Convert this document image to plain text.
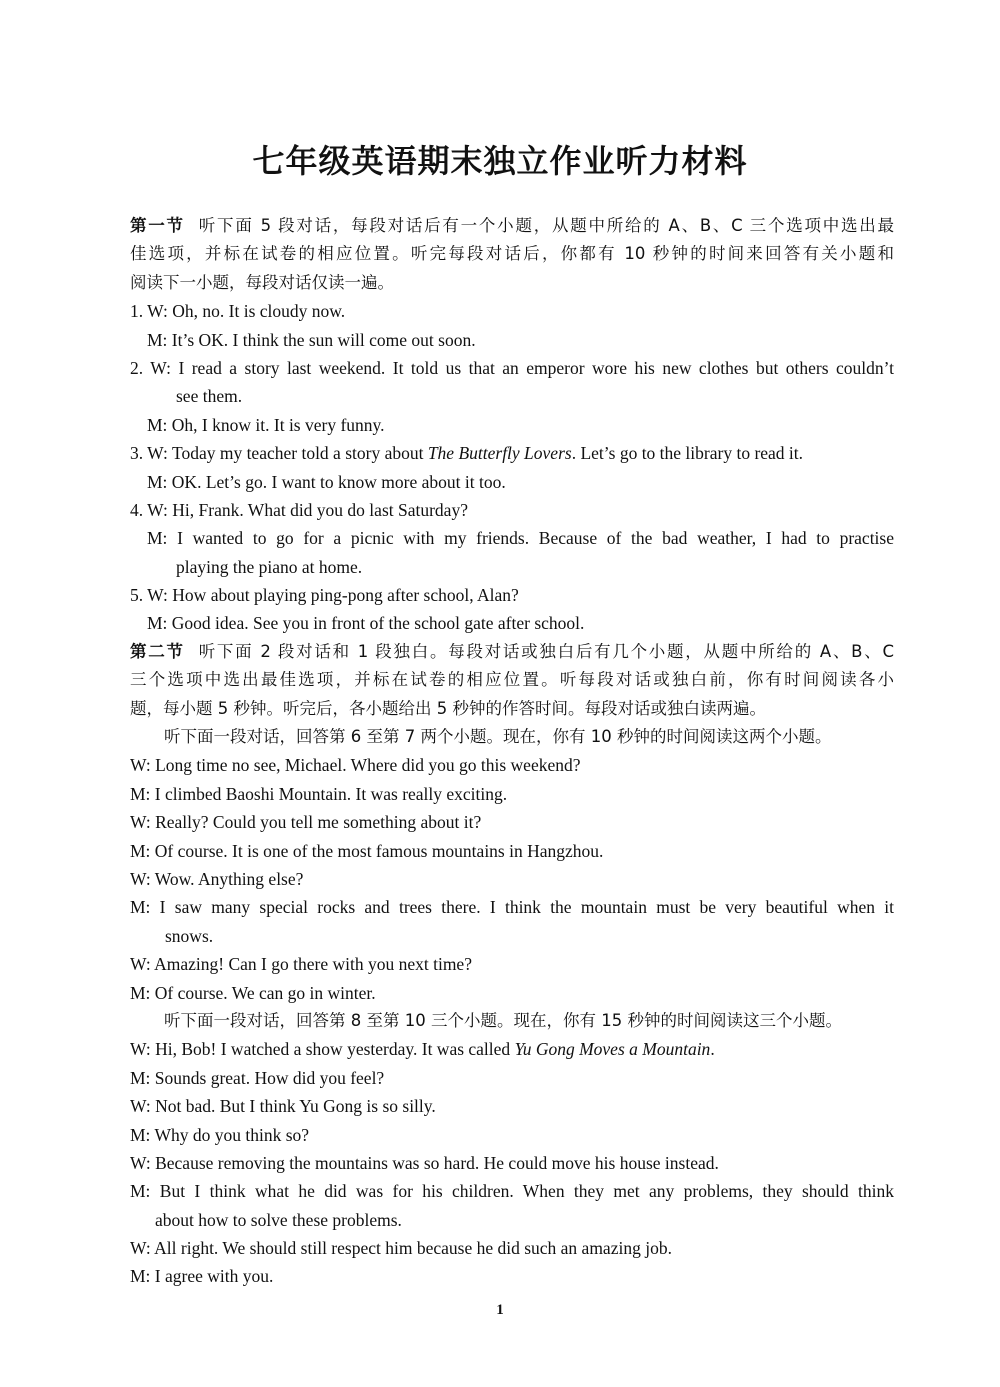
七年级英语期末独立作业听力材料
第一节 听下面 5 段对话，每段对话后有一个小题，从题中所给的 A、B、C 三个选项中选出最
佳选项，并标在试卷的相应位置。听完每段对话后，你都有 10 秒钟的时间来回答有关小题和
阅读下一小题，每段对话仅读一遍。
1. W: Oh, no. It is cloudy now.
M: It’s OK. I think the sun will come out soon.
2. W: I read a story last weekend. It told us that an emperor wore his new clothes but others couldn’t
see them.
M: Oh, I know it. It is very funny.
3. W: Today my teacher told a story about The Butterfly Lovers. Let’s go to the library to read it.
M: OK. Let’s go. I want to know more about it too.
4. W: Hi, Frank. What did you do last Saturday?
M: I wanted to go for a picnic with my friends. Because of the bad weather, I had to practise
playing the piano at home.
5. W: How about playing ping-pong after school, Alan?
M: Good idea. See you in front of the school gate after school.
第二节 听下面 2 段对话和 1 段独白。每段对话或独白后有几个小题，从题中所给的 A、B、C
三个选项中选出最佳选项，并标在试卷的相应位置。听每段对话或独白前，你有时间阅读各小
题，每小题 5 秒钟。听完后，各小题给出 5 秒钟的作答时间。每段对话或独白读两遍。
听下面一段对话，回答第 6 至第 7 两个小题。现在，你有 10 秒钟的时间阅读这两个小题。
W: Long time no see, Michael. Where did you go this weekend?
M: I climbed Baoshi Mountain. It was really exciting.
W: Really? Could you tell me something about it?
M: Of course. It is one of the most famous mountains in Hangzhou.
W: Wow. Anything else?
M: I saw many special rocks and trees there. I think the mountain must be very beautiful when it
snows.
W: Amazing! Can I go there with you next time?
M: Of course. We can go in winter.
听下面一段对话，回答第 8 至第 10 三个小题。现在，你有 15 秒钟的时间阅读这三个小题。
W: Hi, Bob! I watched a show yesterday. It was called Yu Gong Moves a Mountain.
M: Sounds great. How did you feel?
W: Not bad. But I think Yu Gong is so silly.
M: Why do you think so?
W: Because removing the mountains was so hard. He could move his house instead.
M: But I think what he did was for his children. When they met any problems, they should think
about how to solve these problems.
W: All right. We should still respect him because he did such an amazing job.
M: I agree with you.
1
